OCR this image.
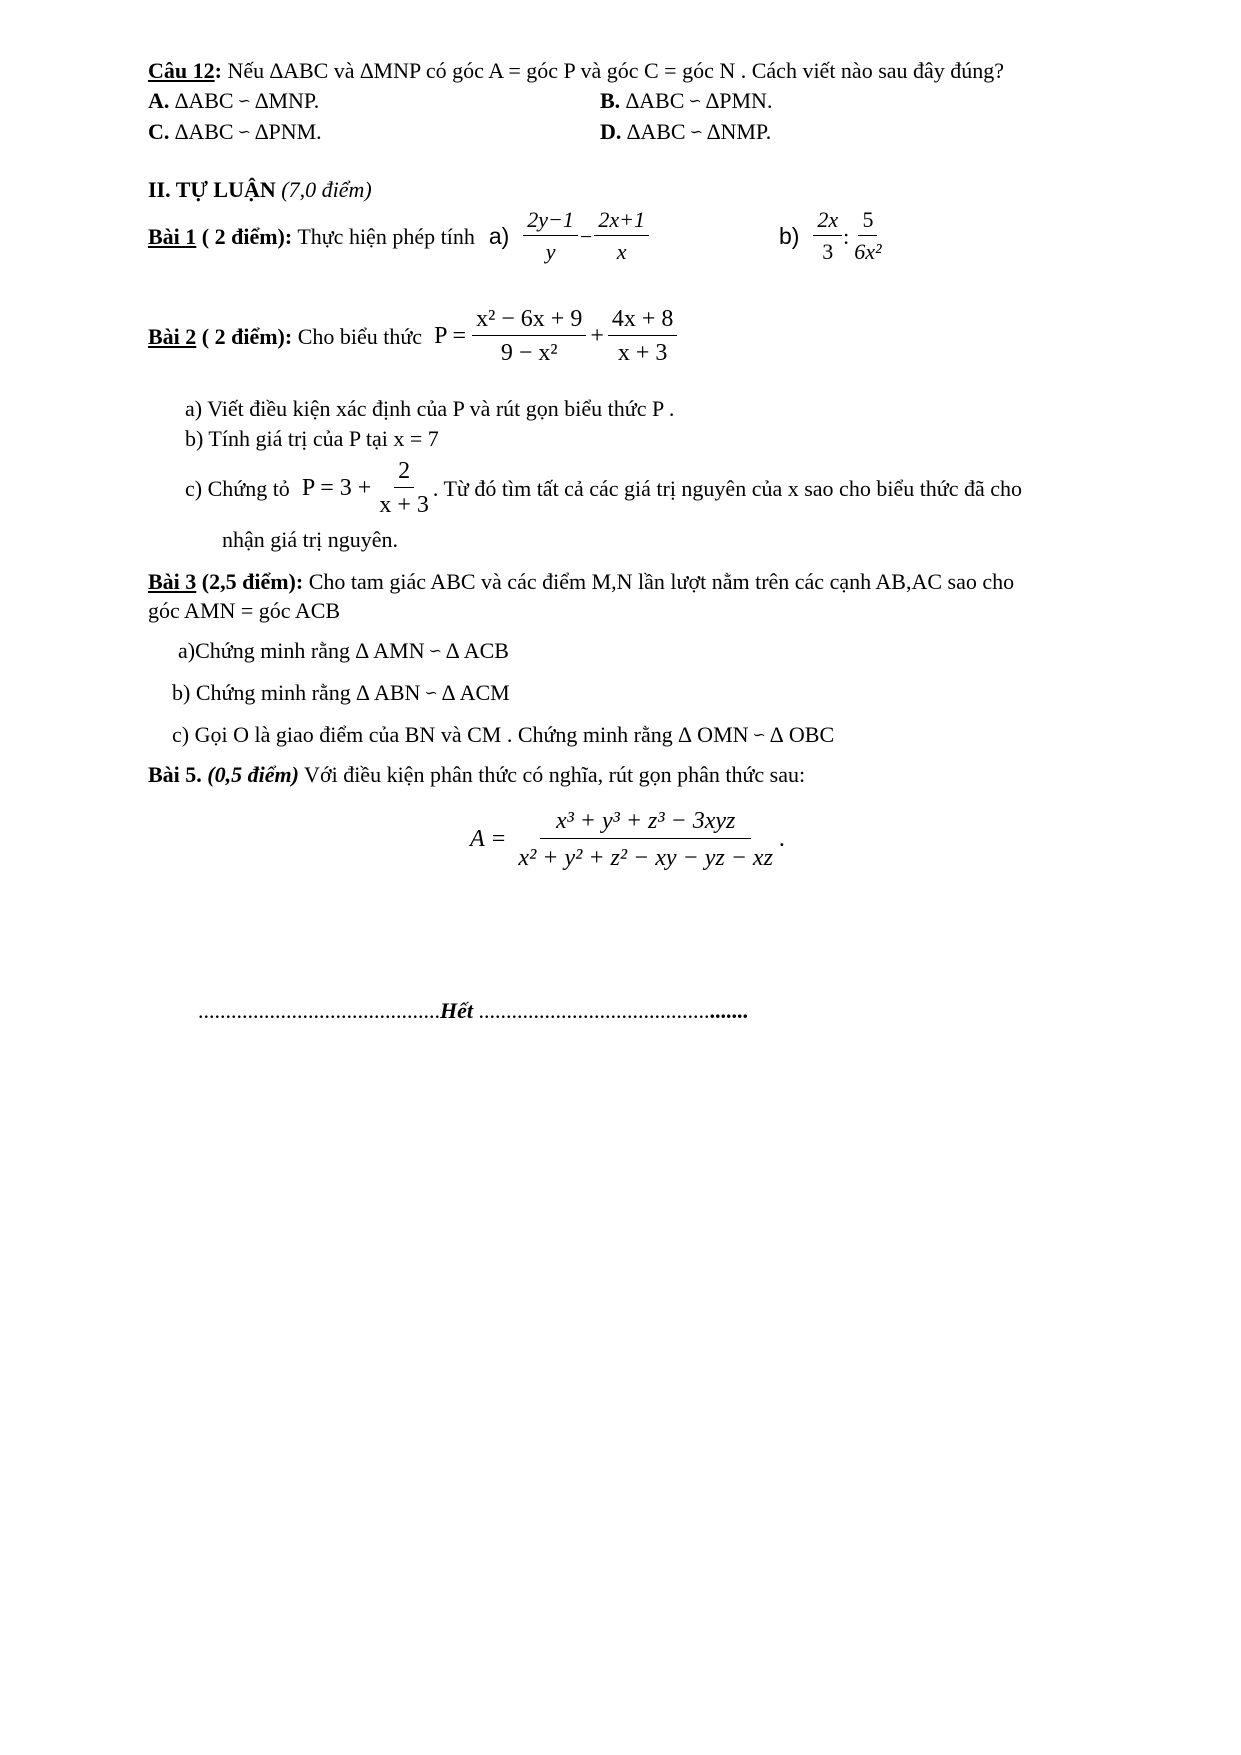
Câu 12: Nếu ∆ABC và ∆MNP có góc A = góc P và góc C = góc N . Cách viết nào sau đây đúng?
A. ∆ABC ∽ ∆MNP.	B. ∆ABC ∽ ∆PMN.
C. ∆ABC ∽ ∆PNM.	D. ∆ABC ∽ ∆NMP.
II. TỰ LUẬN (7,0 điểm)
Bài 1 ( 2 điểm): Thực hiện phép tính $a) \frac{2y-1}{y} - \frac{2x+1}{x}$	$b) \frac{2x}{3}$ : $\frac{5}{\text{6x²}}$
Bài 2 ( 2 điểm): Cho biểu thức $P = \frac{\text{x² − 6x + 9}}{\text{9 − x²}} + \frac{4x + 8}{x + 3}$
a) Viết điều kiện xác định của P và rút gọn biểu thức P .
b) Tính giá trị của P tại x = 7
c) Chứng tỏ $P = 3 + \frac{2}{x + 3}$ . Từ đó tìm tất cả các giá trị nguyên của x sao cho biểu thức đã cho
nhận giá trị nguyên.
Bài 3 (2,5 điểm): Cho tam giác ABC và các điểm M,N lần lượt nằm trên các cạnh AB,AC sao cho
góc AMN = góc ACB
a)Chứng minh rằng ∆ AMN ∽ ∆ ACB
b) Chứng minh rằng ∆ ABN ∽ ∆ ACM
c) Gọi O là giao điểm của BN và CM . Chứng minh rằng ∆ OMN ∽ ∆ OBC
Bài 5. (0,5 điểm) Với điều kiện phân thức có nghĩa, rút gọn phân thức sau:
$A = \frac{\text{x³ + y³ + z³ − 3xyz}}{\text{x² + y² + z² − xy − yz − xz}}$ .
............................................Hết .................................................
